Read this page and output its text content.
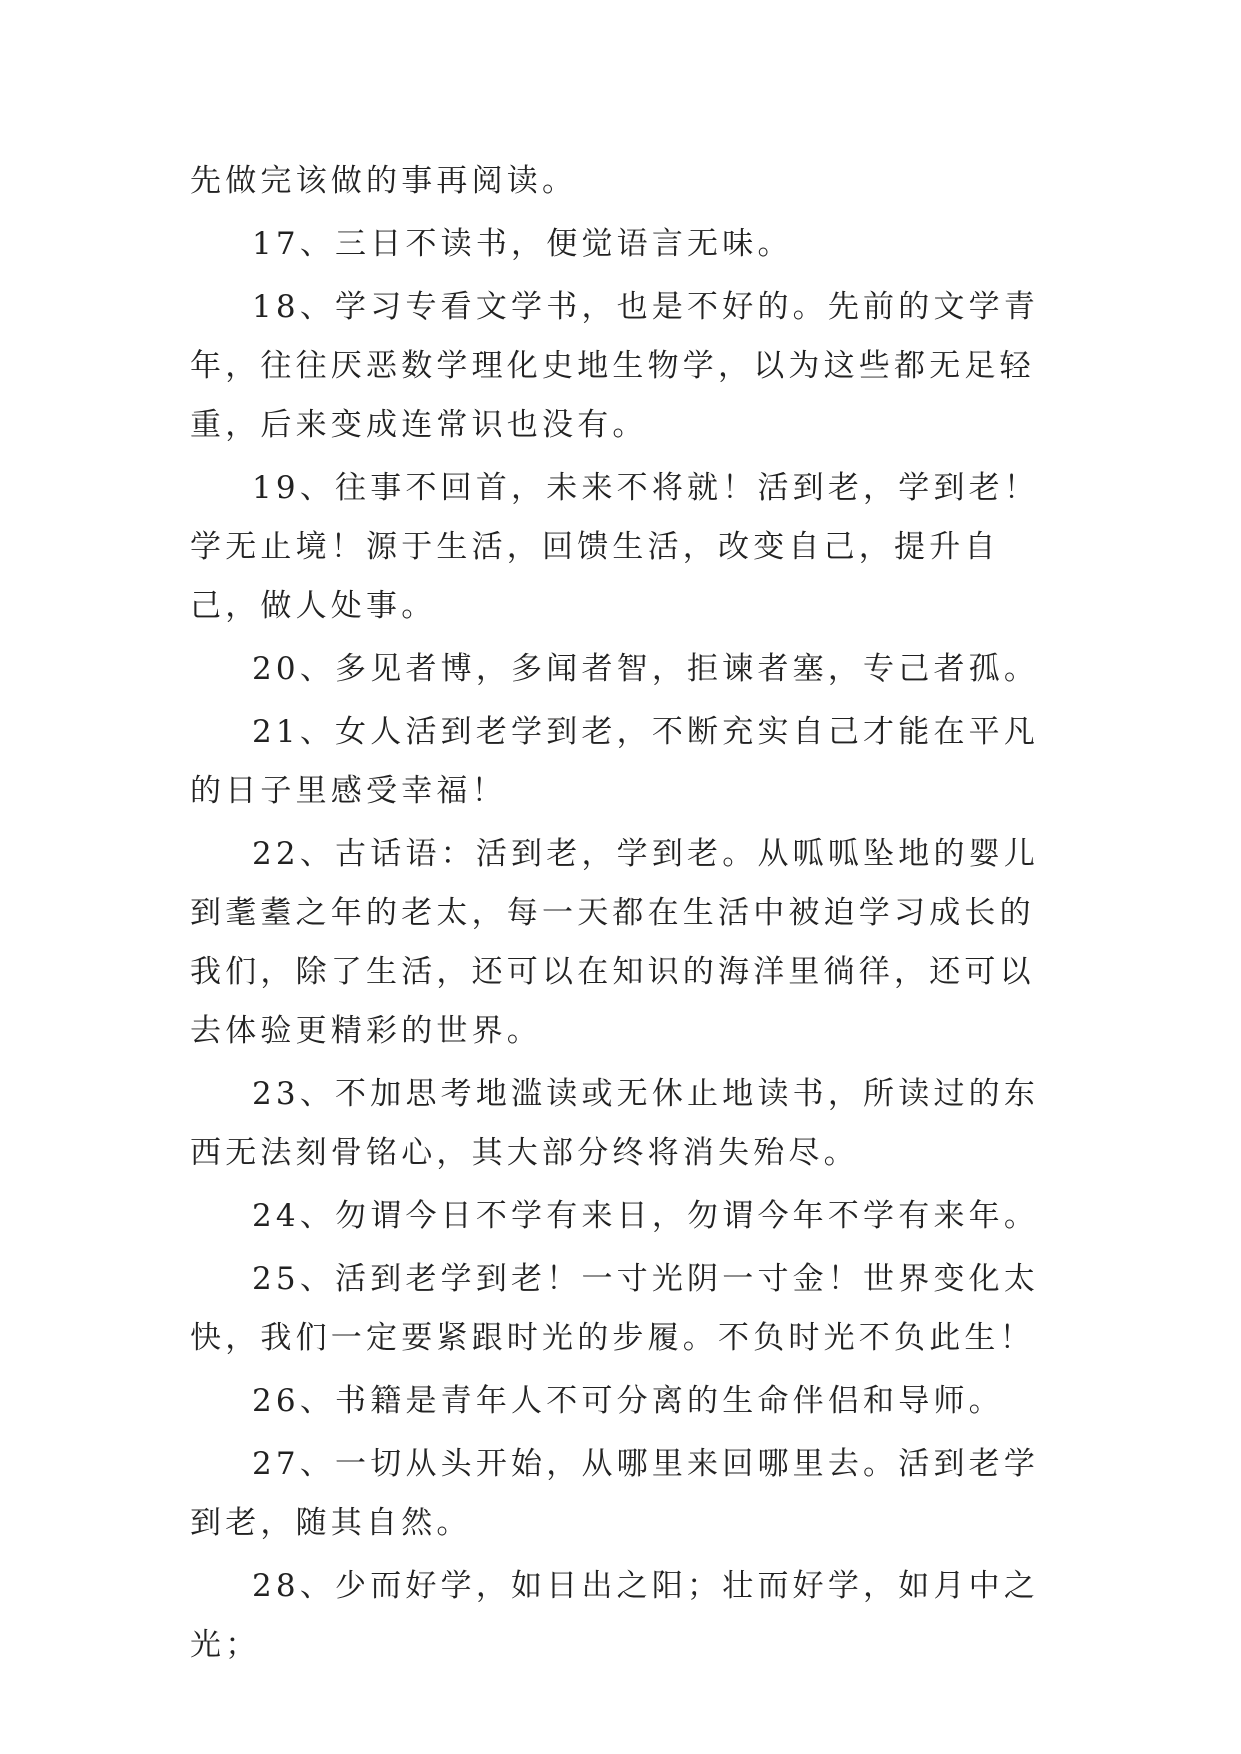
先做完该做的事再阅读。

17、三日不读书，便觉语言无味。

18、学习专看文学书，也是不好的。先前的文学青年，往往厌恶数学理化史地生物学，以为这些都无足轻重，后来变成连常识也没有。

19、往事不回首，未来不将就！活到老，学到老！学无止境！源于生活，回馈生活，改变自己，提升自己，做人处事。

20、多见者博，多闻者智，拒谏者塞，专己者孤。

21、女人活到老学到老，不断充实自己才能在平凡的日子里感受幸福！

22、古话语：活到老，学到老。从呱呱坠地的婴儿到耄耋之年的老太，每一天都在生活中被迫学习成长的我们，除了生活，还可以在知识的海洋里徜徉，还可以去体验更精彩的世界。

23、不加思考地滥读或无休止地读书，所读过的东西无法刻骨铭心，其大部分终将消失殆尽。

24、勿谓今日不学有来日，勿谓今年不学有来年。

25、活到老学到老！一寸光阴一寸金！世界变化太快，我们一定要紧跟时光的步履。不负时光不负此生！

26、书籍是青年人不可分离的生命伴侣和导师。

27、一切从头开始，从哪里来回哪里去。活到老学到老，随其自然。

28、少而好学，如日出之阳；壮而好学，如月中之光；
